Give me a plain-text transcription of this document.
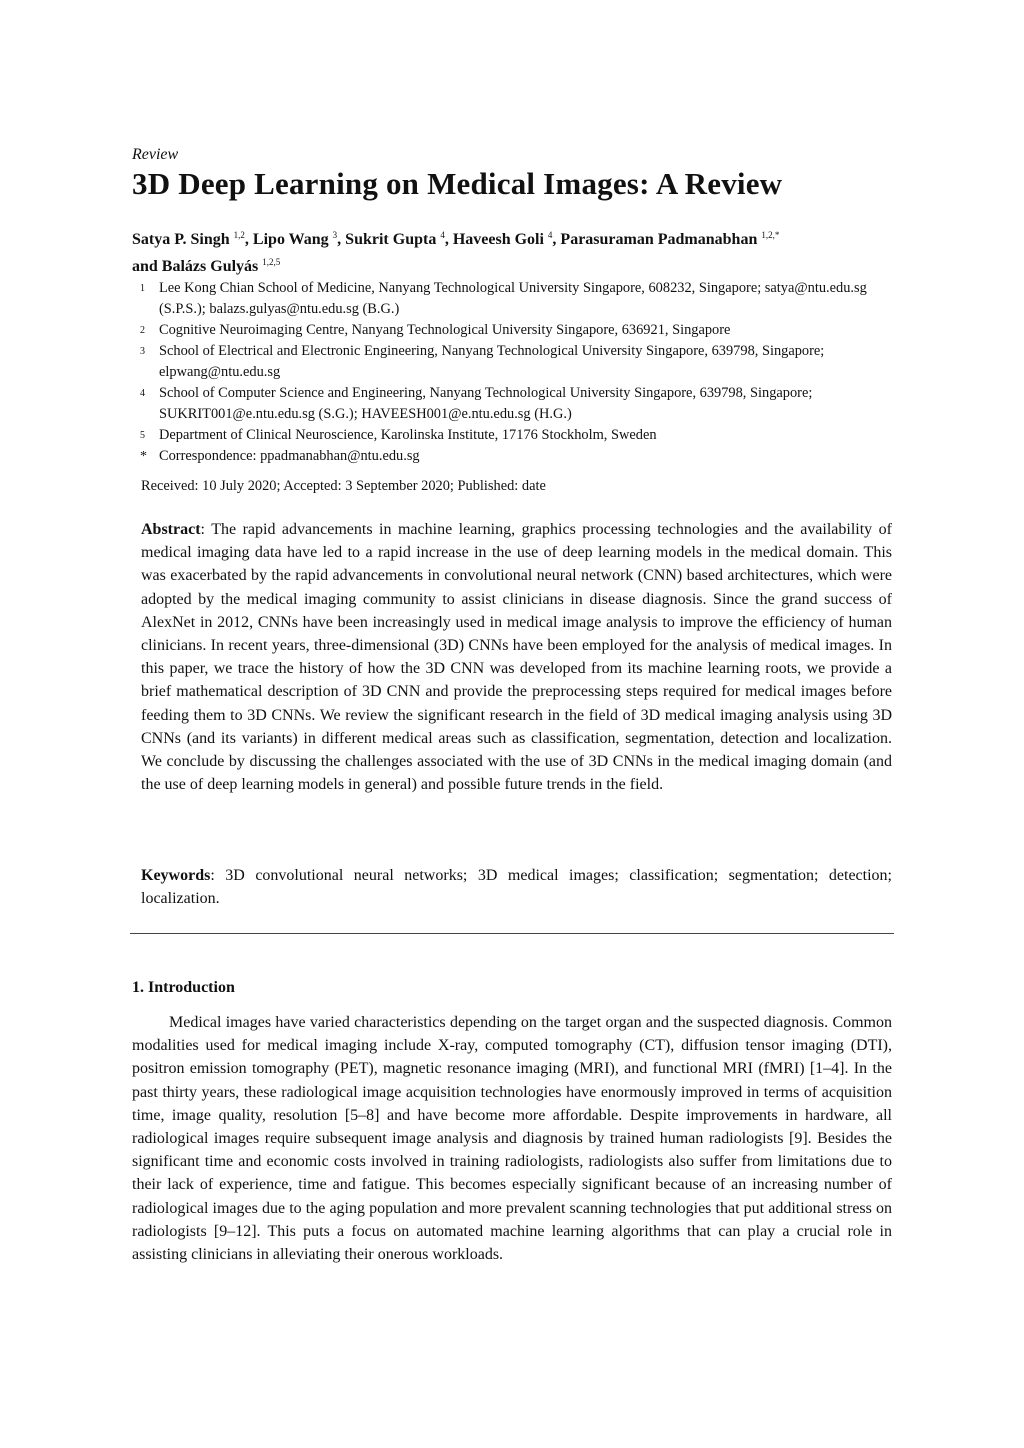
Review
3D Deep Learning on Medical Images: A Review
Satya P. Singh $^{1,2}$, Lipo Wang $^3$, Sukrit Gupta $^4$, Haveesh Goli $^4$, Parasuraman Padmanabhan $^{1,2,*}$
and Balázs Gulyás $^{1,2,5}$
1 Lee Kong Chian School of Medicine, Nanyang Technological University Singapore, 608232, Singapore; satya@ntu.edu.sg (S.P.S.); balazs.gulyas@ntu.edu.sg (B.G.)
2 Cognitive Neuroimaging Centre, Nanyang Technological University Singapore, 636921, Singapore
3 School of Electrical and Electronic Engineering, Nanyang Technological University Singapore, 639798, Singapore; elpwang@ntu.edu.sg
4 School of Computer Science and Engineering, Nanyang Technological University Singapore, 639798, Singapore; SUKRIT001@e.ntu.edu.sg (S.G.); HAVEESH001@e.ntu.edu.sg (H.G.)
5 Department of Clinical Neuroscience, Karolinska Institute, 17176 Stockholm, Sweden
* Correspondence: ppadmanabhan@ntu.edu.sg
Received: 10 July 2020; Accepted: 3 September 2020; Published: date
Abstract: The rapid advancements in machine learning, graphics processing technologies and the availability of medical imaging data have led to a rapid increase in the use of deep learning models in the medical domain. This was exacerbated by the rapid advancements in convolutional neural network (CNN) based architectures, which were adopted by the medical imaging community to assist clinicians in disease diagnosis. Since the grand success of AlexNet in 2012, CNNs have been increasingly used in medical image analysis to improve the efficiency of human clinicians. In recent years, three-dimensional (3D) CNNs have been employed for the analysis of medical images. In this paper, we trace the history of how the 3D CNN was developed from its machine learning roots, we provide a brief mathematical description of 3D CNN and provide the preprocessing steps required for medical images before feeding them to 3D CNNs. We review the significant research in the field of 3D medical imaging analysis using 3D CNNs (and its variants) in different medical areas such as classification, segmentation, detection and localization. We conclude by discussing the challenges associated with the use of 3D CNNs in the medical imaging domain (and the use of deep learning models in general) and possible future trends in the field.
Keywords: 3D convolutional neural networks; 3D medical images; classification; segmentation; detection; localization.
1. Introduction
Medical images have varied characteristics depending on the target organ and the suspected diagnosis. Common modalities used for medical imaging include X-ray, computed tomography (CT), diffusion tensor imaging (DTI), positron emission tomography (PET), magnetic resonance imaging (MRI), and functional MRI (fMRI) [1–4]. In the past thirty years, these radiological image acquisition technologies have enormously improved in terms of acquisition time, image quality, resolution [5–8] and have become more affordable. Despite improvements in hardware, all radiological images require subsequent image analysis and diagnosis by trained human radiologists [9]. Besides the significant time and economic costs involved in training radiologists, radiologists also suffer from limitations due to their lack of experience, time and fatigue. This becomes especially significant because of an increasing number of radiological images due to the aging population and more prevalent scanning technologies that put additional stress on radiologists [9–12]. This puts a focus on automated machine learning algorithms that can play a crucial role in assisting clinicians in alleviating their onerous workloads.
